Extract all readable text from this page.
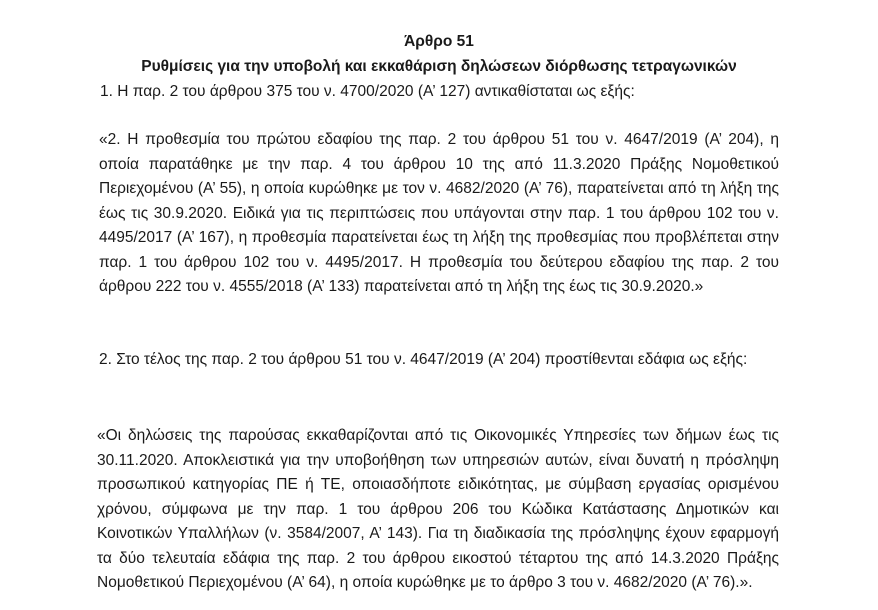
Άρθρο 51
Ρυθμίσεις για την υποβολή και εκκαθάριση δηλώσεων διόρθωσης τετραγωνικών

1. Η παρ. 2 του άρθρου 375 του ν. 4700/2020 (Α’ 127) αντικαθίσταται ως εξής:

«2. Η προθεσμία του πρώτου εδαφίου της παρ. 2 του άρθρου 51 του ν. 4647/2019 (Α’ 204), η οποία παρατάθηκε με την παρ. 4 του άρθρου 10 της από 11.3.2020 Πράξης Νομοθετικού Περιεχομένου (Α’ 55), η οποία κυρώθηκε με τον ν. 4682/2020 (Α’ 76), παρατείνεται από τη λήξη της έως τις 30.9.2020. Ειδικά για τις περιπτώσεις που υπάγονται στην παρ. 1 του άρθρου 102 του ν. 4495/2017 (Α’ 167), η προθεσμία παρατείνεται έως τη λήξη της προθεσμίας που προβλέπεται στην παρ. 1 του άρθρου 102 του ν. 4495/2017. Η προθεσμία του δεύτερου εδαφίου της παρ. 2 του άρθρου 222 του ν. 4555/2018 (Α’ 133) παρατείνεται από τη λήξη της έως τις 30.9.2020.»

2. Στο τέλος της παρ. 2 του άρθρου 51 του ν. 4647/2019 (Α’ 204) προστίθενται εδάφια ως εξής:

«Οι δηλώσεις της παρούσας εκκαθαρίζονται από τις Οικονομικές Υπηρεσίες των δήμων έως τις 30.11.2020. Αποκλειστικά για την υποβοήθηση των υπηρεσιών αυτών, είναι δυνατή η πρόσληψη προσωπικού κατηγορίας ΠΕ ή ΤΕ, οποιασδήποτε ειδικότητας, με σύμβαση εργασίας ορισμένου χρόνου, σύμφωνα με την παρ. 1 του άρθρου 206 του Κώδικα Κατάστασης Δημοτικών και Κοινοτικών Υπαλλήλων (ν. 3584/2007, Α’ 143). Για τη διαδικασία της πρόσληψης έχουν εφαρμογή τα δύο τελευταία εδάφια της παρ. 2 του άρθρου εικοστού τέταρτου της από 14.3.2020 Πράξης Νομοθετικού Περιεχομένου (Α’ 64), η οποία κυρώθηκε με το άρθρο 3 του ν. 4682/2020 (Α’ 76).».
